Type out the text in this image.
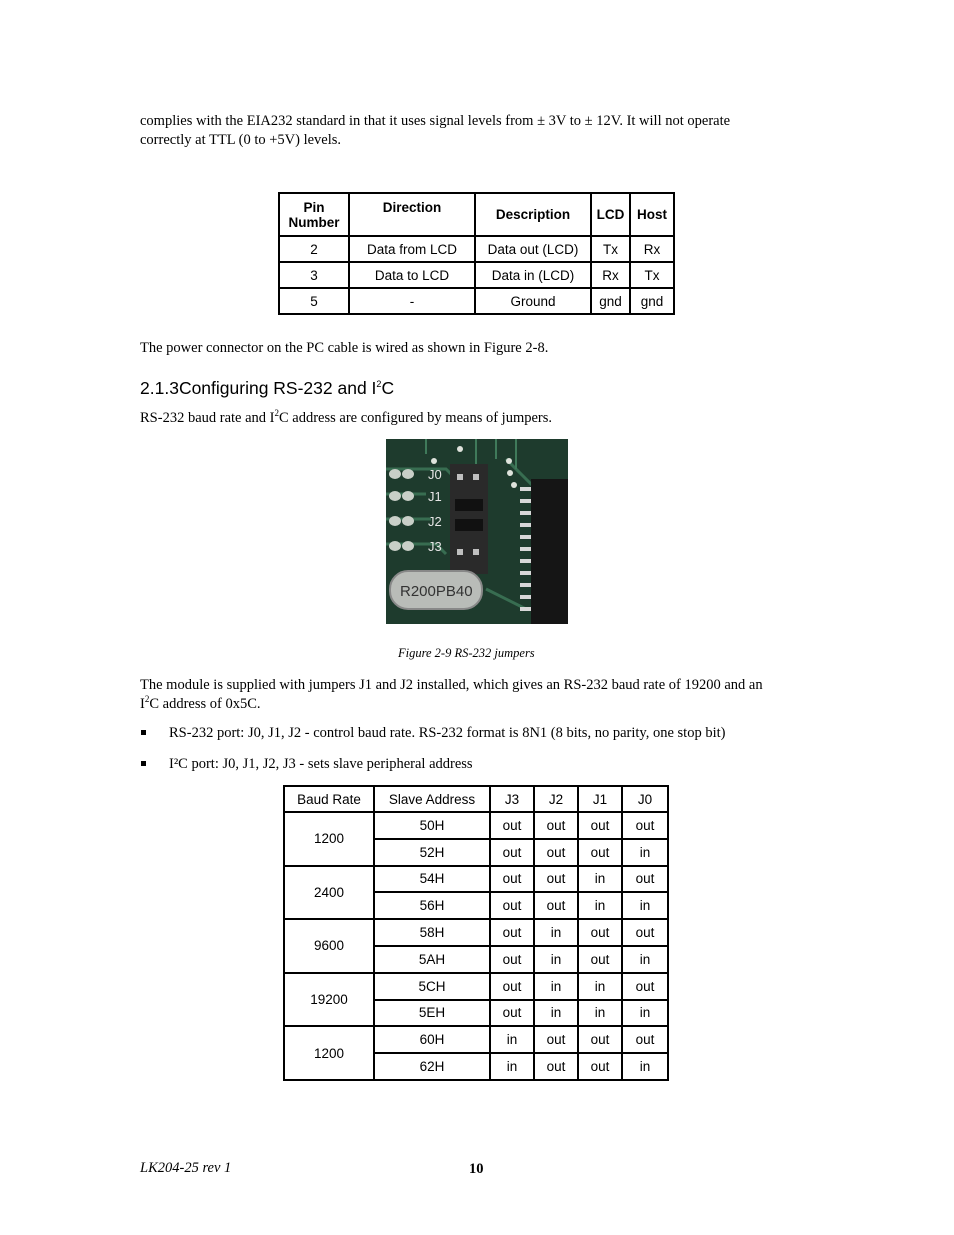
complies with the EIA232 standard in that it uses signal levels from ± 3V to ± 12V. It will not operate
correctly at TTL (0 to +5V) levels.
Pin Number	Direction	Description	LCD	Host
2	Data from LCD	Data out (LCD)	Tx	Rx
3	Data to LCD	Data in (LCD)	Rx	Tx
5	-	Ground	gnd	gnd
The power connector on the PC cable is wired as shown in Figure 2-8.
2.1.3Configuring RS-232 and $I^2C$
RS-232 baud rate and $I^2C$ address are configured by means of jumpers.
J0
J1
J2
J3
R200PB40
Figure 2-9 RS-232 jumpers
The module is supplied with jumpers J1 and J2 installed, which gives an RS-232 baud rate of 19200 and an
$I^2C$ address of 0x5C.
RS-232 port: J0, J1, J2 - control baud rate. RS-232 format is 8N1 (8 bits, no parity, one stop bit)
I²C port: J0, J1, J2, J3 - sets slave peripheral address
Baud Rate	Slave Address	J3	J2	J1	J0
1200	50H	out	out	out	out
	52H	out	out	out	in
2400	54H	out	out	in	out
	56H	out	out	in	in
9600	58H	out	in	out	out
	5AH	out	in	out	in
19200	5CH	out	in	in	out
	5EH	out	in	in	in
1200	60H	in	out	out	out
	62H	in	out	out	in
LK204-25 rev 1	10
